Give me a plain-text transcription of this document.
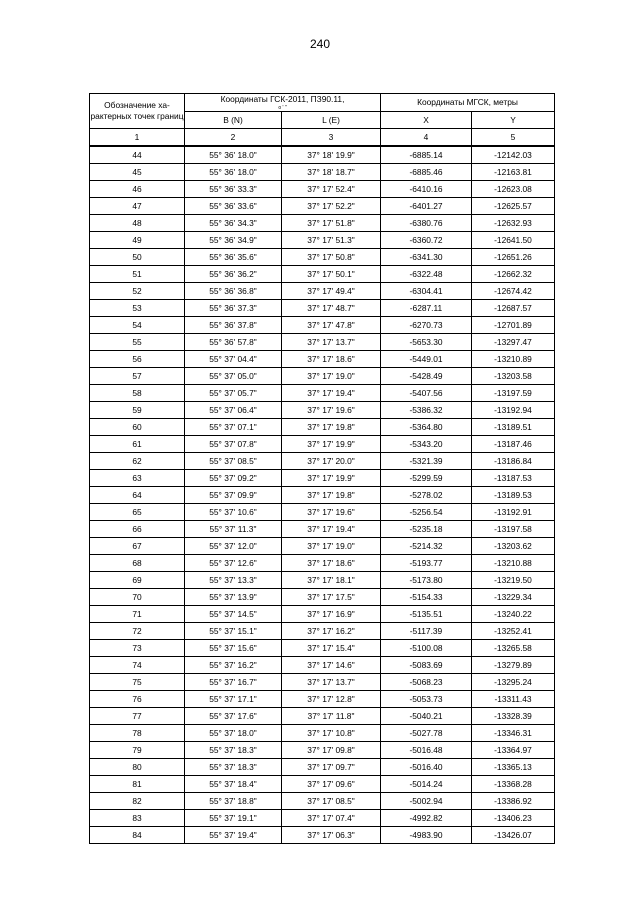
240
Обозначение ха-рактерных точек границ	Координаты ГСК-2011, ПЗ90.11,
о ' "		Координаты МГСК, метры	
	B (N)	L (E)	X	Y
1	2	3	4	5
44	55° 36' 18.0"	37° 18' 19.9"	-6885.14	-12142.03
45	55° 36' 18.0"	37° 18' 18.7"	-6885.46	-12163.81
46	55° 36' 33.3"	37° 17' 52.4"	-6410.16	-12623.08
47	55° 36' 33.6"	37° 17' 52.2"	-6401.27	-12625.57
48	55° 36' 34.3"	37° 17' 51.8"	-6380.76	-12632.93
49	55° 36' 34.9"	37° 17' 51.3"	-6360.72	-12641.50
50	55° 36' 35.6"	37° 17' 50.8"	-6341.30	-12651.26
51	55° 36' 36.2"	37° 17' 50.1"	-6322.48	-12662.32
52	55° 36' 36.8"	37° 17' 49.4"	-6304.41	-12674.42
53	55° 36' 37.3"	37° 17' 48.7"	-6287.11	-12687.57
54	55° 36' 37.8"	37° 17' 47.8"	-6270.73	-12701.89
55	55° 36' 57.8"	37° 17' 13.7"	-5653.30	-13297.47
56	55° 37' 04.4"	37° 17' 18.6"	-5449.01	-13210.89
57	55° 37' 05.0"	37° 17' 19.0"	-5428.49	-13203.58
58	55° 37' 05.7"	37° 17' 19.4"	-5407.56	-13197.59
59	55° 37' 06.4"	37° 17' 19.6"	-5386.32	-13192.94
60	55° 37' 07.1"	37° 17' 19.8"	-5364.80	-13189.51
61	55° 37' 07.8"	37° 17' 19.9"	-5343.20	-13187.46
62	55° 37' 08.5"	37° 17' 20.0"	-5321.39	-13186.84
63	55° 37' 09.2"	37° 17' 19.9"	-5299.59	-13187.53
64	55° 37' 09.9"	37° 17' 19.8"	-5278.02	-13189.53
65	55° 37' 10.6"	37° 17' 19.6"	-5256.54	-13192.91
66	55° 37' 11.3"	37° 17' 19.4"	-5235.18	-13197.58
67	55° 37' 12.0"	37° 17' 19.0"	-5214.32	-13203.62
68	55° 37' 12.6"	37° 17' 18.6"	-5193.77	-13210.88
69	55° 37' 13.3"	37° 17' 18.1"	-5173.80	-13219.50
70	55° 37' 13.9"	37° 17' 17.5"	-5154.33	-13229.34
71	55° 37' 14.5"	37° 17' 16.9"	-5135.51	-13240.22
72	55° 37' 15.1"	37° 17' 16.2"	-5117.39	-13252.41
73	55° 37' 15.6"	37° 17' 15.4"	-5100.08	-13265.58
74	55° 37' 16.2"	37° 17' 14.6"	-5083.69	-13279.89
75	55° 37' 16.7"	37° 17' 13.7"	-5068.23	-13295.24
76	55° 37' 17.1"	37° 17' 12.8"	-5053.73	-13311.43
77	55° 37' 17.6"	37° 17' 11.8"	-5040.21	-13328.39
78	55° 37' 18.0"	37° 17' 10.8"	-5027.78	-13346.31
79	55° 37' 18.3"	37° 17' 09.8"	-5016.48	-13364.97
80	55° 37' 18.3"	37° 17' 09.7"	-5016.40	-13365.13
81	55° 37' 18.4"	37° 17' 09.6"	-5014.24	-13368.28
82	55° 37' 18.8"	37° 17' 08.5"	-5002.94	-13386.92
83	55° 37' 19.1"	37° 17' 07.4"	-4992.82	-13406.23
84	55° 37' 19.4"	37° 17' 06.3"	-4983.90	-13426.07
